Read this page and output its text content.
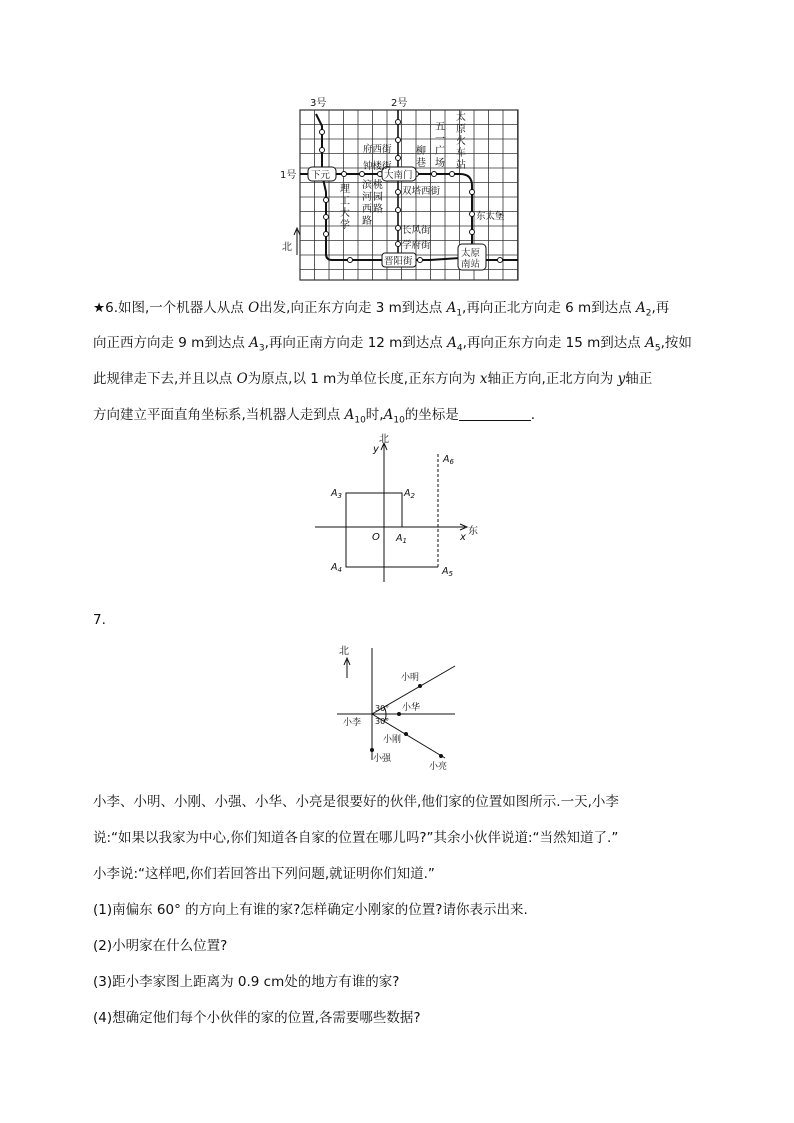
3号	2号
1号 下元	大南门
晋阳街
太原南站
府西街
钟楼街
双塔西街
长风街
学府街
东太堡
太原火车站
五一广场
柳巷
滨河西路
桃园路
理工大学
北

★6.如图,一个机器人从点 O出发,向正东方向走 3 m到达点 $A_1$,再向正北方向走 6 m到达点 $A_2$,再

向正西方向走 9 m到达点 $A_3$,再向正南方向走 12 m到达点 $A_4$,再向正东方向走 15 m到达点 $A_5$,按如

此规律走下去,并且以点 O为原点,以 1 m为单位长度,正东方向为 x轴正方向,正北方向为 y轴正

方向建立平面直角坐标系,当机器人走到点 $A_{10}$时$,A_{10}$的坐标是	.

北
y
东
x
O $A_1$
$A_2$
$A_3$
$A_4$	$A_5$
$A_6$

7.

北
30°
30°
小李
小明
小华
小刚
小强
小亮

小李、小明、小刚、小强、小华、小亮是很要好的伙伴,他们家的位置如图所示.一天,小李

说:“如果以我家为中心,你们知道各自家的位置在哪儿吗?”其余小伙伴说道:“当然知道了.”

小李说:“这样吧,你们若回答出下列问题,就证明你们知道.”

(1)南偏东 60° 的方向上有谁的家?怎样确定小刚家的位置?请你表示出来.

(2)小明家在什么位置?

(3)距小李家图上距离为 0.9 cm处的地方有谁的家?

(4)想确定他们每个小伙伴的家的位置,各需要哪些数据?
